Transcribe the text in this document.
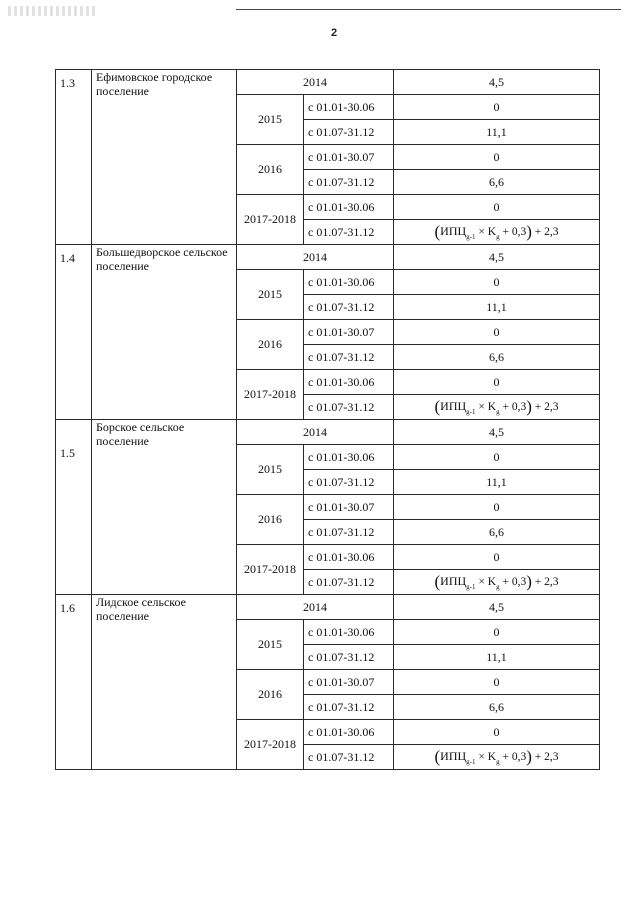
2
1.3	Ефимовское городское поселение	2014		4,5
		2015	с 01.01-30.06	0
			с 01.07-31.12	11,1
		2016	с 01.01-30.07	0
			с 01.07-31.12	6,6
		2017-2018	с 01.01-30.06	0
			с 01.07-31.12	$(ИПЦ_{g-1} \times K_g + 0,3) + 2,3$
1.4	Большедворское сельское поселение	2014		4,5
		2015	с 01.01-30.06	0
			с 01.07-31.12	11,1
		2016	с 01.01-30.07	0
			с 01.07-31.12	6,6
		2017-2018	с 01.01-30.06	0
			с 01.07-31.12	$(ИПЦ_{g-1} \times K_g + 0,3) + 2,3$
1.5	Борское сельское поселение	2014		4,5
		2015	с 01.01-30.06	0
			с 01.07-31.12	11,1
		2016	с 01.01-30.07	0
			с 01.07-31.12	6,6
		2017-2018	с 01.01-30.06	0
			с 01.07-31.12	$(ИПЦ_{g-1} \times K_g + 0,3) + 2,3$
1.6	Лидское сельское поселение	2014		4,5
		2015	с 01.01-30.06	0
			с 01.07-31.12	11,1
		2016	с 01.01-30.07	0
			с 01.07-31.12	6,6
		2017-2018	с 01.01-30.06	0
			с 01.07-31.12	$(ИПЦ_{g-1} \times K_g + 0,3) + 2,3$
